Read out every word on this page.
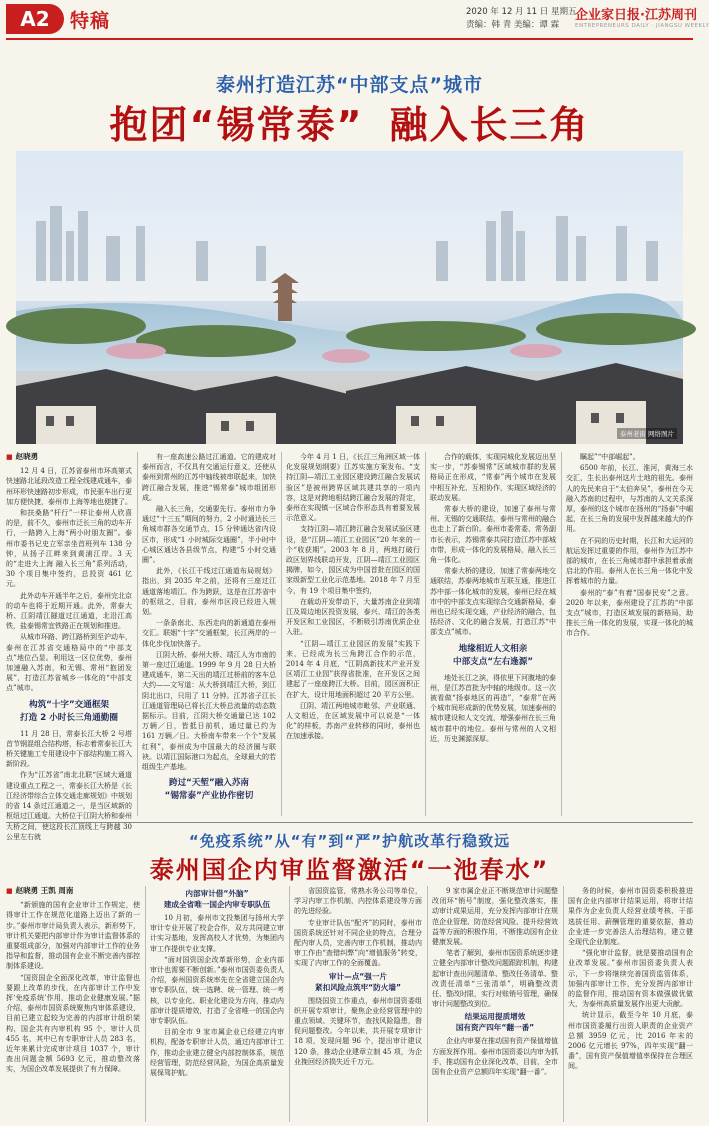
A2	特稿	2020 年 12 月 11 日 星期五
责编：韩 青 美编：谭 霖
企业家日报·江苏周刊
ENTREPRENEURS DAILY · JIANGSU WEEKLY
泰州打造江苏“中部支点”城市
抱团“锡常泰” 融入长三角
泰州老街 网络图片
■ 赵晓勇

12 月 4 日，江苏省泰州市环高第式快速路北延段改造工程全线建成通车，泰州环形快速路初步形成，市民驱车出行更加方便快捷，泰州市上海等地也便捷了。

和扶桑路“杆行”一样让泰州人欣喜的是，前不久，泰州市泛长三角的动车开行，一路跨入上海“两小时朋友圈”。泰州市委书记史立军亲坐首班列车 138 分钟，从扬子江畔来到黄浦江岸。3 天的“走进大上海 融入长三角”系列活动，30 个项目集中签约，总投资 461 亿元。

此外动车开通半年之后，泰州完北京的动车也将于近期开通。此外，常泰大桥、江阴靖江隧道过江通道，北沿江高铁，盐泰锡常宜铁路正在规划和推进。

从城市环路、跨江路桥到至沪动车，泰州在江苏省交通格局中的“中部支点”地位凸显。利用这一区位优势，泰州加速融入苏南，和无锡、常州“抱团发展”，打造江苏省城乡一体化的“中部支点”城市。

构筑“十字”交通框架
打造 2 小时长三角通勤圈

11 月 28 日，常泰长江大桥 2 号塔首节钢混组合结构塔，标志着常泰长江大桥关键施工专用建设中下部结构施工将入新阶段。

作为“江苏省”南北北联“区域大通道建设重点工程之一，常泰长江大桥是《长江经济带综合立体交通走廊规划》中规划的省 14 条过江通道之一，是当区域新的枢纽过江通道。大桥位于江阴大桥和泰州大桥之间，使这段长江顶线上与跨越 30 公里左右就

有一座高速公路过江通道。它的建成对泰州而言，不仅具有交通运行意义，还使从泰州到常州的江苏中轴线被串联起来，加快跨江融合发展，推进“锡常泰”城市组团形成。

融入长三角，交通要先行。泰州市力争通过“十三五”期间的努力，2 小时通达长三角城市群各交通节点，15 分钟通达省内设区市，形成“1 小时城际交通圈”，半小时中心城区通达各县级节点，构建“5 小时交通圈”。

此外，《长江干线过江通道布局规划》指出，到 2035 年之前，还将有三座过江通道落地靖江。作为跨跃，这是在江苏省中的枢纽之，目前，泰州市区段已经进入规划。

一条条南北、东西走向的新通道在泰州交汇。联姻“十字”交通框架，长江两岸的一体化步伐加快落子。

江阴大桥、泰州大桥、靖江人为市南的第一座过江通道。1999 年 9 月 28 日大桥建成通车，第二天出的靖江过桥前的客车总大约——文写道：从大桥到靖江大桥，到江阴北出口，只用了 11 分钟。江苏省子江长江通道管理局已将长江大桥总流量的动态数据标示。目前，江阴大桥交通量已达 102 万辆／日，皆抵日前机，通过量已约为 161 万辆／日。大桥南车带来一个个“发展红利”，泰州成为中国最大的经济圈与联袂。以靖江国际港口为起点，全球最大的若组级生产基地。

跨过“天堑”融入苏南
“锡常泰”产业协作密切

今年 4 月 1 日，《长江三角洲区域一体化发展规划纲要》江苏实施方案发布。“支持江阴—靖江工业园区建设跨江融合发展试验区”是被州跨界区域共建共享的一项内容，这是对跨地相结跨江融合发展的背定，泰州在实现镇一区域合作形态具有着要发展示范意义。

支持江阴—靖江跨江融合发展试验区建设，是“江阴—靖江工业园区”20 年来的一个“收获期”。2003 年 8 月，两地打破行政区划界线联动开发，江阴—靖江工业园区揭牌，如今，园区成为中国首批在园区的国家级新型工业化示范基地。2018 年 7 月至今，有 19 个项目集中签约，

在载动开发带动下，大量苏南企业到靖江及周边地区投资发展，泰兴、靖江的各类开发区和工业园区，不断吸引苏南优质企业入驻。

“江阴—靖江工业园区的发展”实践下来，已经成为长三角跨江合作的示范，2014 年 4 月底，“江阴高新技术产业开发区靖江工业园”获得省批准，在开发区之间建起了一座座跨江大桥。目前，园区面积正在扩大，设计用地面积超过 20 平方公里。

江阴、靖江两地城市毗邻、产业联通、人文相近，在区域发展中可以说是“一体化”的样板，苏南产业转移的同时，泰州也在加速承接。

合作的载体，实现同城化发展迈出坚实一步，“苏泰锡常”区域城市群的发展格局正在形成，“常泰”两个城市在发展中相互补充、互相协作，实现区域经济的联动发展。

常泰大桥的建设，加速了泰州与常州、无锡的交通联结，泰州与常州的融合也走上了新台阶。泰州市委常委、常务副市长表示，苏锡常泰共同打造江苏中部城市带，形成一体化的发展格局，融入长三角一体化。

常泰大桥的建设，加速了常泰两地交通联结，苏泰两地城市互联互通，推进江苏中部一体化城市的发展，泰州已经在城市中的中部支点实现综合交通新格局，泰州也已经实现交通，产业经济的融合，包括经济、文化的融合发展，打造江苏“中部支点”城市。

地缘相近人文相亲
中部支点“左右逢源”

地处长江之滨，得依里下河腹地的泰州，是江苏首批为中轴的地级市。这一次被看做“扬泰地区的再造”，“泰常”在两个城市间形成新的优势发展，加速泰州的城市建设和人文交流，增强泰州在长三角城市群中的地位。泰州与常州的人文相近，历史渊源深厚。

瞩起”“中部崛起”。

6500 年前，长江、淮河，黄海三水交汇，生长出泰州这片土地的祖先。泰州人的先民来自于“太伯奔吴”，泰州在今天融入苏南的过程中，与苏南的人文关系深厚，泰州的这个城市在扬州的“扬泰”中崛起，在长三角的发展中发挥越来越大的作用。

在不同的历史时期，长江和大运河的航运发挥过重要的作用，泰州作为江苏中部的城市，在长三角城市群中承担着承南启北的作用。泰州人在长三角一体化中发挥着城市的力量。

泰州的“泰”有着“国泰民安”之意。2020 年以来，泰州建设了江苏的“中部支点”城市，打造区域发展的新格局，助推长三角一体化的发展，实现一体化的城市合作。

“免疫系统”从“有”到“严”护航改革行稳致远
泰州国企内审监督激活“一池春水”
■ 赵晓勇 王凯 周南

“新颁施的国有企业审计工作规定，使得审计工作在规范化道路上迈出了新的一步。”泰州市审计局负责人表示，新形势下，审计机关要把内部审计作为审计监督体系的重要组成部分，加强对内部审计工作的业务指导和监督，推动国有企业不断完善内部控制体系建设。

“国资国企全面深化改革，审计监督也要跟上改革的步伐，在内部审计工作中发挥‘免疫系统’作用，推动企业健康发展。”据介绍，泰州市国资系统聚焦内审体系建设，目前已建立起较为完善的内部审计组织架构，国企共有内审机构 95 个，审计人员 455 名，其中已有专职审计人员 283 名，近年来累计完成审计项目 1037 个，审计查出问题金额 5693 亿元，推动整改落实，为国企改革发展提供了有力保障。

内部审计借“外脑”
建成全省唯一国企内审专职队伍

10 月初，泰州市文投集团与扬州大学审计专业开展了校企合作，双方共同建立审计实习基地，发挥高校人才优势，为集团内审工作提供专业支撑。

“面对国资国企改革新形势，企业内部审计也需要不断创新。”泰州市国资委负责人介绍，泰州国资系统率先在全省建立国企内审专职队伍，统一选聘、统一管理、统一考核，以专业化、职业化建设为方向，推动内部审计提质增效，打造了全省唯一的国企内审专职队伍。

目前全市 9 家市属企业已经建立内审机构，配备专职审计人员，通过内部审计工作，推动企业建立健全内部控制体系，规范经营管理，防范经营风险，为国企高质量发展保驾护航。

省国资监管，常熟水务公司等单位，学习内审工作机制，内控体系建设等方面的先进经验。

专业审计队伍“配齐”的同时，泰州市国资系统还针对不同企业的特点，合理分配内审人员，完善内审工作机制，推动内审工作由“查错纠弊”向“增值服务”转变，实现了内审工作的全面覆盖。

审计—点“强一片
紧扣风险点筑牢“防火墙”

围绕国资工作重点，泰州市国资委组织开展专项审计，聚焦企业经营管理中的重点领域、关键环节，查找风险隐患，督促问题整改。今年以来，共开展专项审计 18 项，发现问题 96 个，提出审计建议 120 条，推动企业建章立制 45 项，为企业挽回经济损失近千万元。

9 家市属企业正不断规范审计问题整改闭环“销号”制度，强化整改落实，推动审计成果运用，充分发挥内部审计在规范企业管理、防范经营风险、提升经营效益等方面的积极作用，不断推动国有企业健康发展。

笔者了解到，泰州市国资系统逐步建立健全内部审计整改问题跟踪机制，构建起审计查出问题清单、整改任务清单、整改责任清单“三张清单”，明确整改责任、整改时限，实行对账销号管理，确保审计问题整改到位。

结果运用提质增效
国有资产四年“翻一番”

企业内审要在推动国有资产保值增值方面发挥作用。泰州市国资委以内审为抓手，推动国有企业深化改革，目前，全市国有企业资产总额四年实现“翻一番”。

务的时候，泰州市国资委积极推进国有企业内部审计结果运用，将审计结果作为企业负责人经营业绩考核、干部选拔任用、薪酬管理的重要依据，推动企业进一步完善法人治理结构，建立健全现代企业制度。

“强化审计监督，就是要推动国有企业改革发展。”泰州市国资委负责人表示，下一步将继续完善国资监管体系，加强内部审计工作，充分发挥内部审计的监督作用，推动国有资本做强做优做大，为泰州高质量发展作出更大贡献。

统计显示，截至今年 10 月底，泰州市国资委履行出资人职责的企业资产总额 3959 亿元，比 2016 年末的 2006 亿元增长 97%，四年实现“翻一番”，国有资产保值增值率保持在合理区间。
